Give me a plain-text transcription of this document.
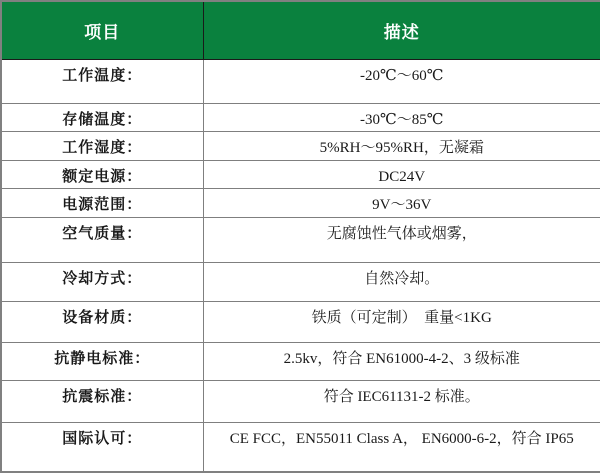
项目	描述
工作温度：	-20℃～60℃
存储温度：	-30℃～85℃
工作湿度：	5%RH～95%RH，无凝霜
额定电源：	DC24V
电源范围：	9V～36V
空气质量：	无腐蚀性气体或烟雾，
冷却方式：	自然冷却。
设备材质：	铁质（可定制）  重量<1KG
抗静电标准：	2.5kv，符合 EN61000-4-2、3 级标准
抗震标准：	符合 IEC61131-2 标准。
国际认可：	CE FCC，EN55011 Class A， EN6000-6-2，符合 IP65
